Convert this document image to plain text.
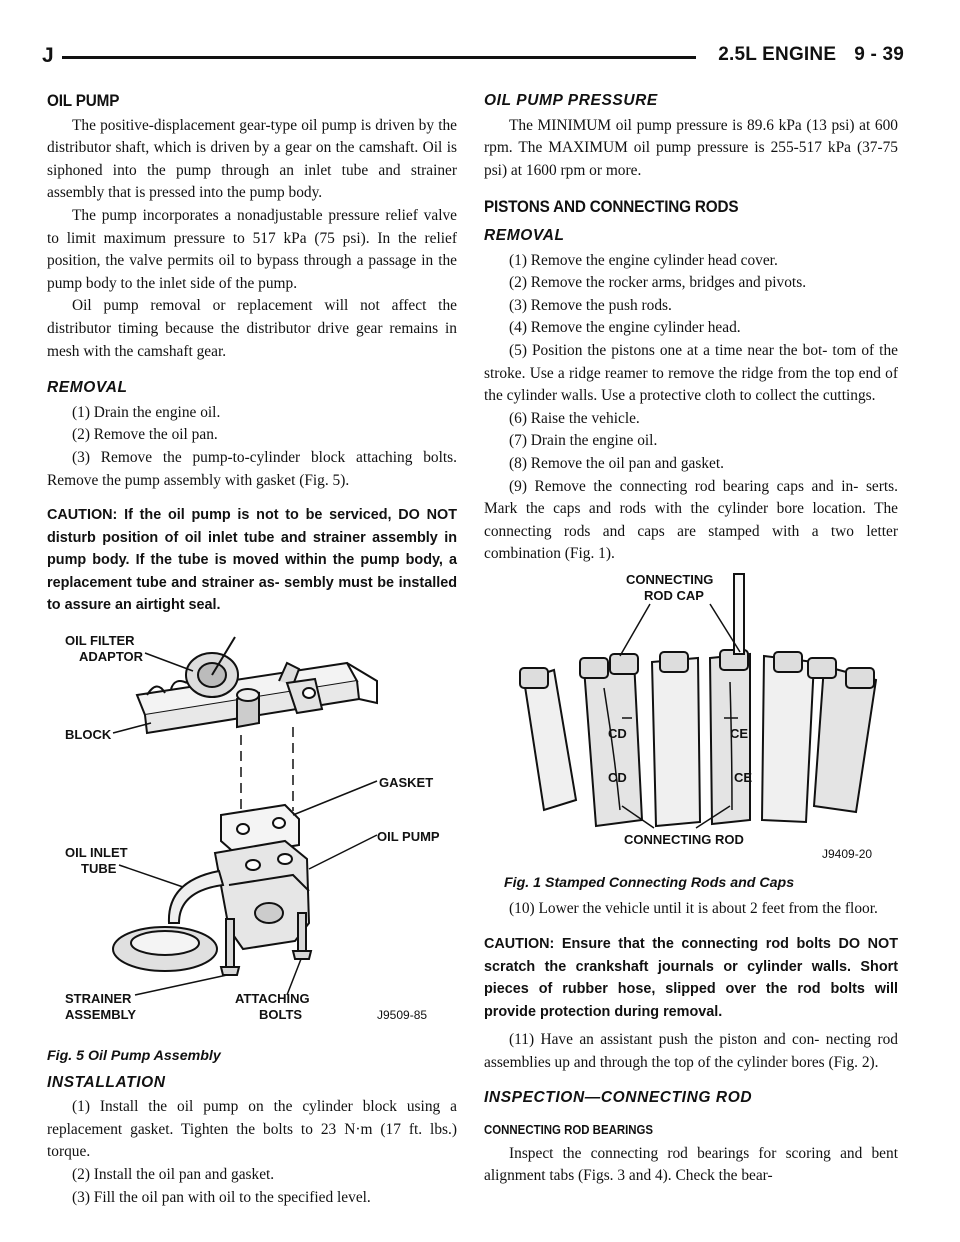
J	2.5L ENGINE 9 - 39
OIL PUMP

The positive-displacement gear-type oil pump is driven by the distributor shaft, which is driven by a gear on the camshaft. Oil is siphoned into the pump through an inlet tube and strainer assembly that is pressed into the pump body.

The pump incorporates a nonadjustable pressure relief valve to limit maximum pressure to 517 kPa (75 psi). In the relief position, the valve permits oil to bypass through a passage in the pump body to the inlet side of the pump.

Oil pump removal or replacement will not affect the distributor timing because the distributor drive gear remains in mesh with the camshaft gear.

REMOVAL
(1) Drain the engine oil.
(2) Remove the oil pan.
(3) Remove the pump-to-cylinder block attaching bolts. Remove the pump assembly with gasket (Fig. 5).
CAUTION: If the oil pump is not to be serviced, DO NOT disturb position of oil inlet tube and strainer assembly in pump body. If the tube is moved within the pump body, a replacement tube and strainer as- sembly must be installed to assure an airtight seal.
OIL FILTER
ADAPTOR
BLOCK
GASKET
OIL PUMP
OIL INLET
TUBE
STRAINER
ASSEMBLY
ATTACHING
BOLTS	J9509-85
Fig. 5 Oil Pump Assembly
INSTALLATION
(1) Install the oil pump on the cylinder block using a replacement gasket. Tighten the bolts to 23 N·m (17 ft. lbs.) torque.
(2) Install the oil pan and gasket.
(3) Fill the oil pan with oil to the specified level.
OIL PUMP PRESSURE

The MINIMUM oil pump pressure is 89.6 kPa (13 psi) at 600 rpm. The MAXIMUM oil pump pressure is 255-517 kPa (37-75 psi) at 1600 rpm or more.

PISTONS AND CONNECTING RODS
REMOVAL
(1) Remove the engine cylinder head cover.
(2) Remove the rocker arms, bridges and pivots.
(3) Remove the push rods.
(4) Remove the engine cylinder head.
(5) Position the pistons one at a time near the bot- tom of the stroke. Use a ridge reamer to remove the ridge from the top end of the cylinder walls. Use a protective cloth to collect the cuttings.
(6) Raise the vehicle.
(7) Drain the engine oil.
(8) Remove the oil pan and gasket.
(9) Remove the connecting rod bearing caps and in- serts. Mark the caps and rods with the cylinder bore location. The connecting rods and caps are stamped with a two letter combination (Fig. 1).
CD
CD
CE
CE
CONNECTING
ROD CAP
CONNECTING ROD
J9409-20
Fig. 1 Stamped Connecting Rods and Caps
(10) Lower the vehicle until it is about 2 feet from the floor.
CAUTION: Ensure that the connecting rod bolts DO NOT scratch the crankshaft journals or cylinder walls. Short pieces of rubber hose, slipped over the rod bolts will provide protection during removal.
(11) Have an assistant push the piston and con- necting rod assemblies up and through the top of the cylinder bores (Fig. 2).
INSPECTION—CONNECTING ROD
CONNECTING ROD BEARINGS

Inspect the connecting rod bearings for scoring and bent alignment tabs (Figs. 3 and 4). Check the bear-
